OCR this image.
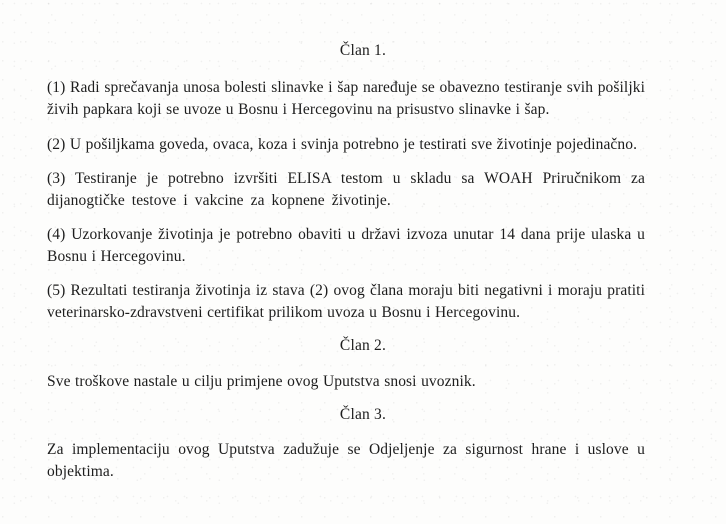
Član 1.
(1) Radi sprečavanja unosa bolesti slinavke i šap naređuje se obavezno testiranje svih pošiljki živih papkara koji se uvoze u Bosnu i Hercegovinu na prisustvo slinavke i šap.
(2) U pošiljkama goveda, ovaca, koza i svinja potrebno je testirati sve životinje pojedinačno.
(3) Testiranje je potrebno izvršiti ELISA testom u skladu sa WOAH Priručnikom za dijanogtičke testove i vakcine za kopnene životinje.
(4) Uzorkovanje životinja je potrebno obaviti u državi izvoza unutar 14 dana prije ulaska u Bosnu i Hercegovinu.
(5) Rezultati testiranja životinja iz stava (2) ovog člana moraju biti negativni i moraju pratiti veterinarsko-zdravstveni certifikat prilikom uvoza u Bosnu i Hercegovinu.
Član 2.
Sve troškove nastale u cilju primjene ovog Uputstva snosi uvoznik.
Član 3.
Za implementaciju ovog Uputstva zadužuje se Odjeljenje za sigurnost hrane i uslove u objektima.
